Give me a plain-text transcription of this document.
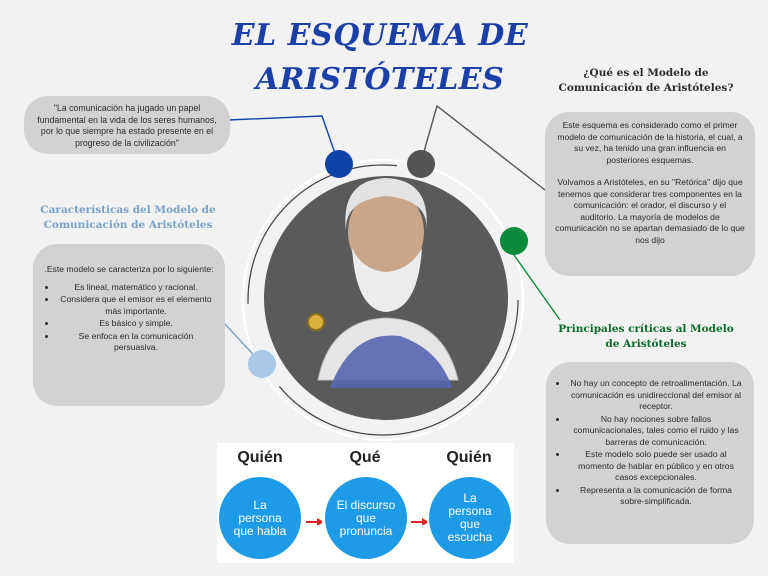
EL ESQUEMA DE
ARISTÓTELES

"La comunicación ha jugado un papel fundamental en la vida de los seres humanos, por lo que siempre ha estado presente en el progreso de la civilización"

¿Qué es el Modelo de Comunicación de Aristóteles?

Este esquema es considerado como el primer modelo de comunicación de la historia, el cual, a su vez, ha tenido una gran influencia en posteriores esquemas.

Volvamos a Aristóteles, en su "Retórica" dijo que tenemos que considerar tres componentes en la comunicación: el orador, el discurso y el auditorio. La mayoría de modelos de comunicación no se apartan demasiado de lo que nos dijo

Características del Modelo de Comunicación de Aristóteles

.Este modelo se caracteriza por lo siguiente:

• Es lineal, matemático y racional.
• Considera que el emisor es el elemento más importante.
• Es básico y simple.
• Se enfoca en la comunicación persuasiva.
Principales críticas al Modelo de Aristóteles
• No hay un concepto de retroalimentación. La comunicación es unidireccional del emisor al receptor.
• No hay nociones sobre fallos comunicacionales, tales como el ruido y las barreras de comunicación.
• Este modelo solo puede ser usado al momento de hablar en público y en otros casos excepcionales.
• Representa a la comunicación de forma sobre-simplificada.
Quién	Qué	Quién
La persona que habla
El discurso que pronuncia
La persona que escucha
